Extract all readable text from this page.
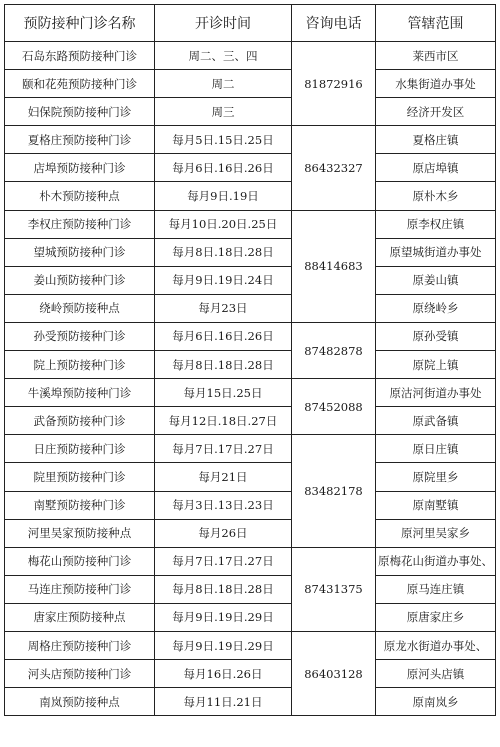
预防接种门诊名称	开诊时间	咨询电话	管辖范围
石岛东路预防接种门诊	周二、三、四	81872916	莱西市区
颐和花苑预防接种门诊	周二		水集街道办事处
妇保院预防接种门诊	周三		经济开发区
夏格庄预防接种门诊	每月5日.15日.25日	86432327	夏格庄镇
店埠预防接种门诊	每月6日.16日.26日		原店埠镇
朴木预防接种点	每月9日.19日		原朴木乡
李权庄预防接种门诊	每月10日.20日.25日	88414683	原李权庄镇
望城预防接种门诊	每月8日.18日.28日		原望城街道办事处
姜山预防接种门诊	每月9日.19日.24日		原姜山镇
绕岭预防接种点	每月23日		原绕岭乡
孙受预防接种门诊	每月6日.16日.26日	87482878	原孙受镇
院上预防接种门诊	每月8日.18日.28日		原院上镇
牛溪埠预防接种门诊	每月15日.25日	87452088	原沽河街道办事处
武备预防接种门诊	每月12日.18日.27日		原武备镇
日庄预防接种门诊	每月7日.17日.27日	83482178	原日庄镇
院里预防接种门诊	每月21日		原院里乡
南墅预防接种门诊	每月3日.13日.23日		原南墅镇
河里吴家预防接种点	每月26日		原河里吴家乡
梅花山预防接种门诊	每月7日.17日.27日	87431375	原梅花山街道办事处、
马连庄预防接种门诊	每月8日.18日.28日		原马连庄镇
唐家庄预防接种点	每月9日.19日.29日		原唐家庄乡
周格庄预防接种门诊	每月9日.19日.29日	86403128	原龙水街道办事处、
河头店预防接种门诊	每月16日.26日		原河头店镇
南岚预防接种点	每月11日.21日		原南岚乡
